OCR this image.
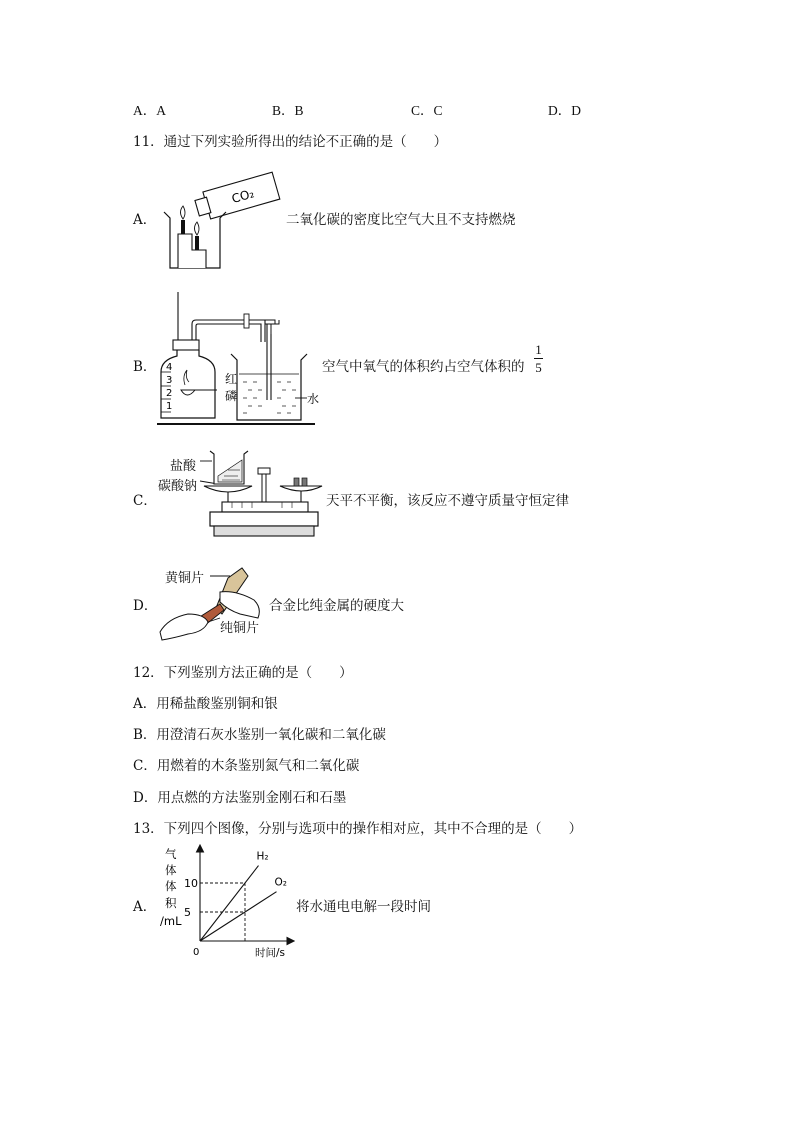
A．A	B．B	C．C	D．D
11．通过下列实验所得出的结论不正确的是（　　）
A．
CO₂
二氧化碳的密度比空气大且不支持燃烧
B． 4
3
2
1
红
磷	水
空气中氧气的体积约占空气体积的
1
5
C．
盐酸
碳酸钠
天平不平衡，该反应不遵守质量守恒定律
D．
黄铜片
纯铜片
合金比纯金属的硬度大
12．下列鉴别方法正确的是（　　）
A．用稀盐酸鉴别铜和银
B．用澄清石灰水鉴别一氧化碳和二氧化碳
C．用燃着的木条鉴别氮气和二氧化碳
D．用点燃的方法鉴别金刚石和石墨
13．下列四个图像，分别与选项中的操作相对应，其中不合理的是（　　）
A．
气
体
体
积
/mL
0	时间/s
5
10
H₂
O₂
将水通电电解一段时间
